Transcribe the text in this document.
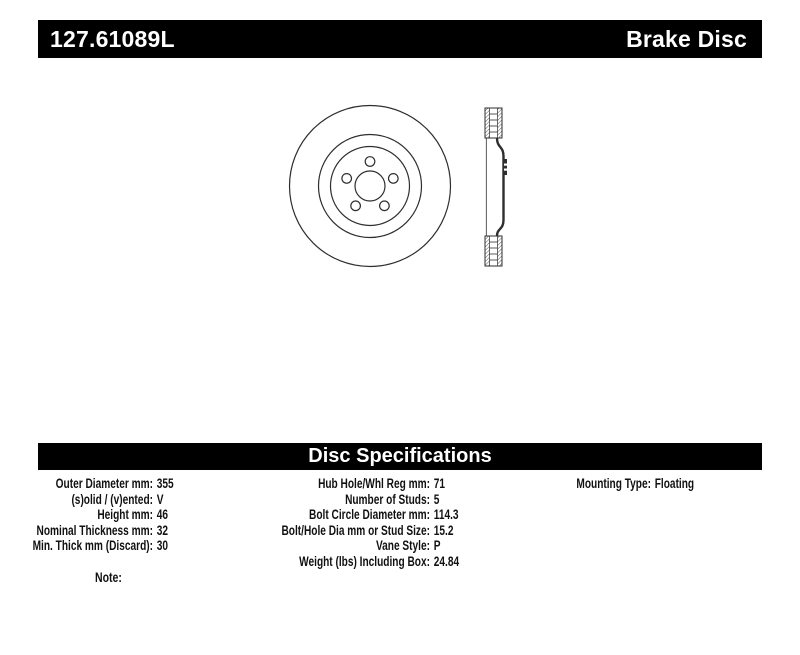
127.61089L	Brake Disc
Disc Specifications
Outer Diameter mm: 355
(s)olid / (v)ented: V
Height mm: 46
Nominal Thickness mm: 32
Min. Thick mm (Discard): 30
Hub Hole/Whl Reg mm: 71
Number of Studs: 5
Bolt Circle Diameter mm: 114.3
Bolt/Hole Dia mm or Stud Size: 15.2
Vane Style: P
Weight (lbs) Including Box: 24.84
Mounting Type: Floating
Note:
